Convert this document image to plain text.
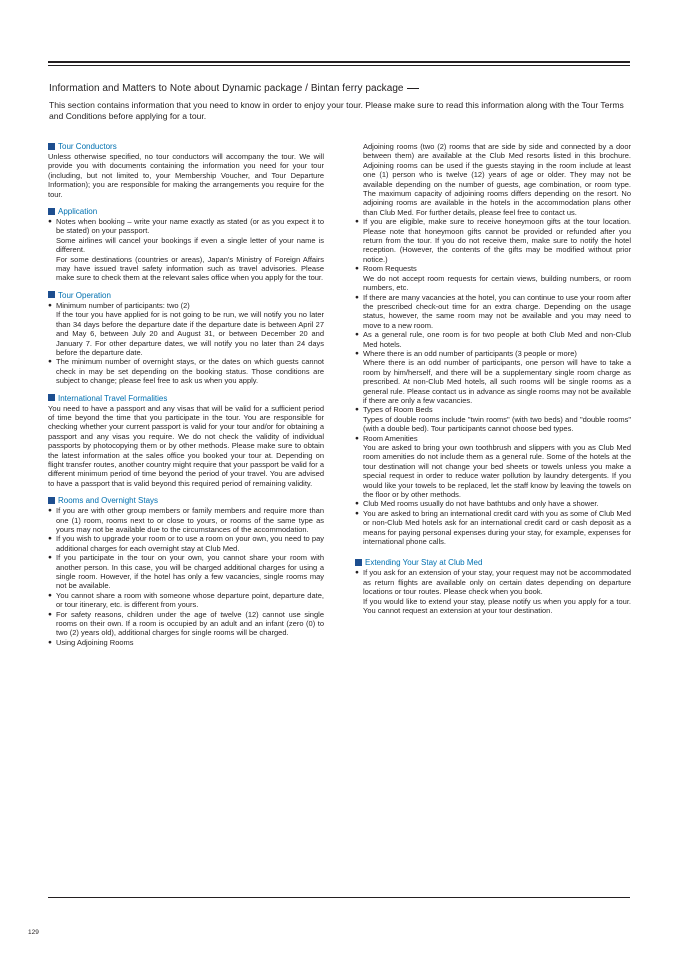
Information and Matters to Note about Dynamic package / Bintan ferry package
This section contains information that you need to know in order to enjoy your tour. Please make sure to read this information along with the Tour Terms and Conditions before applying for a tour.
Tour Conductors

Unless otherwise specified, no tour conductors will accompany the tour. We will provide you with documents containing the information you need for your tour (including, but not limited to, your Membership Voucher, and Tour Departure Information); you are responsible for making the arrangements you require for the tour.

Application
● Notes when booking – write your name exactly as stated (or as you expect it to be stated) on your passport.

Some airlines will cancel your bookings if even a single letter of your name is different.

For some destinations (countries or areas), Japan's Ministry of Foreign Affairs may have issued travel safety information such as travel advisories. Please make sure to check them at the relevant sales office when you apply for the tour.

Tour Operation
● Minimum number of participants: two (2)

If the tour you have applied for is not going to be run, we will notify you no later than 34 days before the departure date if the departure date is between April 27 and May 6, between July 20 and August 31, or between December 20 and January 7. For other departure dates, we will notify you no later than 24 days before the departure date.

● The minimum number of overnight stays, or the dates on which guests cannot check in may be set depending on the booking status. Those conditions are subject to change; please feel free to ask us when you apply.
International Travel Formalities

You need to have a passport and any visas that will be valid for a sufficient period of time beyond the time that you participate in the tour. You are responsible for checking whether your current passport is valid for your tour and/or for obtaining a passport and any visas you require. We do not check the validity of individual passports by photocopying them or by other methods. Please make sure to obtain the latest information at the sales office you booked your tour at. Depending on flight transfer routes, another country might require that your passport be valid for a different minimum period of time beyond the period of your travel. You are advised to have a passport that is valid beyond this required period of remaining validity.

Rooms and Overnight Stays
● If you are with other group members or family members and require more than one (1) room, rooms next to or close to yours, or rooms of the same type as yours may not be available due to the circumstances of the accommodation.
● If you wish to upgrade your room or to use a room on your own, you need to pay additional charges for each overnight stay at Club Med.
● If you participate in the tour on your own, you cannot share your room with another person. In this case, you will be charged additional charges for using a single room. However, if the hotel has only a few vacancies, single rooms may not be available.
● You cannot share a room with someone whose departure point, departure date, or tour itinerary, etc. is different from yours.
● For safety reasons, children under the age of twelve (12) cannot use single rooms on their own. If a room is occupied by an adult and an infant (zero (0) to two (2) years old), additional charges for single rooms will be charged.
● Using Adjoining Rooms

Adjoining rooms (two (2) rooms that are side by side and connected by a door between them) are available at the Club Med resorts listed in this brochure. Adjoining rooms can be used if the guests staying in the room include at least one (1) person who is twelve (12) years of age or older. They may not be available depending on the number of guests, age combination, or room type. The maximum capacity of adjoining rooms differs depending on the resort. No adjoining rooms are available in the hotels in the accommodation plans other than Club Med. For further details, please feel free to contact us.

● If you are eligible, make sure to receive honeymoon gifts at the tour location. Please note that honeymoon gifts cannot be provided or refunded after you return from the tour. If you do not receive them, make sure to notify the hotel reception. (However, the contents of the gifts may be modified without prior notice.)
● Room Requests

We do not accept room requests for certain views, building numbers, or room numbers, etc.

● If there are many vacancies at the hotel, you can continue to use your room after the prescribed check-out time for an extra charge. Depending on the usage status, however, the same room may not be available and you may need to move to a new room.
● As a general rule, one room is for two people at both Club Med and non-Club Med hotels.
● Where there is an odd number of participants (3 people or more)

Where there is an odd number of participants, one person will have to take a room by him/herself, and there will be a supplementary single room charge as prescribed. At non-Club Med hotels, all such rooms will be single rooms as a general rule. Please contact us in advance as single rooms may not be available if there are only a few vacancies.

● Types of Room Beds

Types of double rooms include "twin rooms" (with two beds) and "double rooms" (with a double bed). Tour participants cannot choose bed types.

● Room Amenities

You are asked to bring your own toothbrush and slippers with you as Club Med room amenities do not include them as a general rule. Some of the hotels at the tour destination will not change your bed sheets or towels unless you make a special request in order to reduce water pollution by laundry detergents. If you would like your towels to be replaced, let the staff know by leaving the towels on the floor or by other methods.

● Club Med rooms usually do not have bathtubs and only have a shower.
● You are asked to bring an international credit card with you as some of Club Med or non-Club Med hotels ask for an international credit card or cash deposit as a means for paying personal expenses during your stay, for example, expenses for international phone calls.
Extending Your Stay at Club Med
● If you ask for an extension of your stay, your request may not be accommodated as return flights are available only on certain dates depending on departure locations or tour routes. Please check when you book.

If you would like to extend your stay, please notify us when you apply for a tour. You cannot request an extension at your tour destination.

129
